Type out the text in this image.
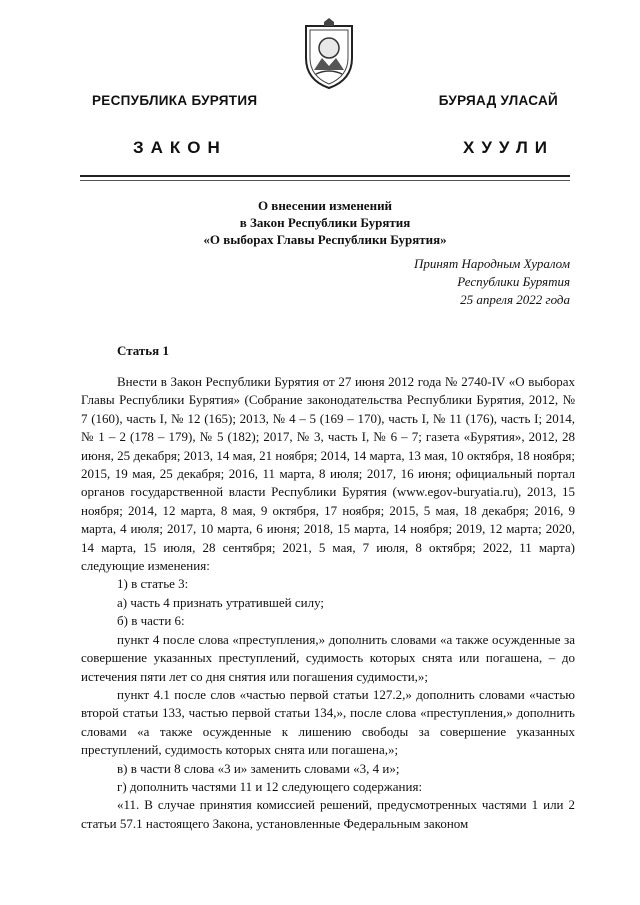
РЕСПУБЛИКА БУРЯТИЯ	БУРЯАД УЛАСАЙ
ЗАКОН	ХУУЛИ
О внесении изменений
в Закон Республики Бурятия
«О выборах Главы Республики Бурятия»
Принят Народным Хуралом
Республики Бурятия
25 апреля 2022 года
Статья 1

Внести в Закон Республики Бурятия от 27 июня 2012 года № 2740-IV «О выборах Главы Республики Бурятия» (Собрание законодательства Республики Бурятия, 2012, № 7 (160), часть I, № 12 (165); 2013, № 4 – 5 (169 – 170), часть I, № 11 (176), часть I; 2014, № 1 – 2 (178 – 179), № 5 (182); 2017, № 3, часть I, № 6 – 7; газета «Бурятия», 2012, 28 июня, 25 декабря; 2013, 14 мая, 21 ноября; 2014, 14 марта, 13 мая, 10 октября, 18 ноября; 2015, 19 мая, 25 декабря; 2016, 11 марта, 8 июля; 2017, 16 июня; официальный портал органов государственной власти Республики Бурятия (www.egov-buryatia.ru), 2013, 15 ноября; 2014, 12 марта, 8 мая, 9 октября, 17 ноября; 2015, 5 мая, 18 декабря; 2016, 9 марта, 4 июля; 2017, 10 марта, 6 июня; 2018, 15 марта, 14 ноября; 2019, 12 марта; 2020, 14 марта, 15 июля, 28 сентября; 2021, 5 мая, 7 июля, 8 октября; 2022, 11 марта) следующие изменения:

1) в статье 3:

а) часть 4 признать утратившей силу;

б) в части 6:

пункт 4 после слова «преступления,» дополнить словами «а также осужденные за совершение указанных преступлений, судимость которых снята или погашена, – до истечения пяти лет со дня снятия или погашения судимости,»;

пункт 4.1 после слов «частью первой статьи 127.2,» дополнить словами «частью второй статьи 133, частью первой статьи 134,», после слова «преступления,» дополнить словами «а также осужденные к лишению свободы за совершение указанных преступлений, судимость которых снята или погашена,»;

в) в части 8 слова «3 и» заменить словами «3, 4 и»;

г) дополнить частями 11 и 12 следующего содержания:

«11. В случае принятия комиссией решений, предусмотренных частями 1 или 2 статьи 57.1 настоящего Закона, установленные Федеральным законом
